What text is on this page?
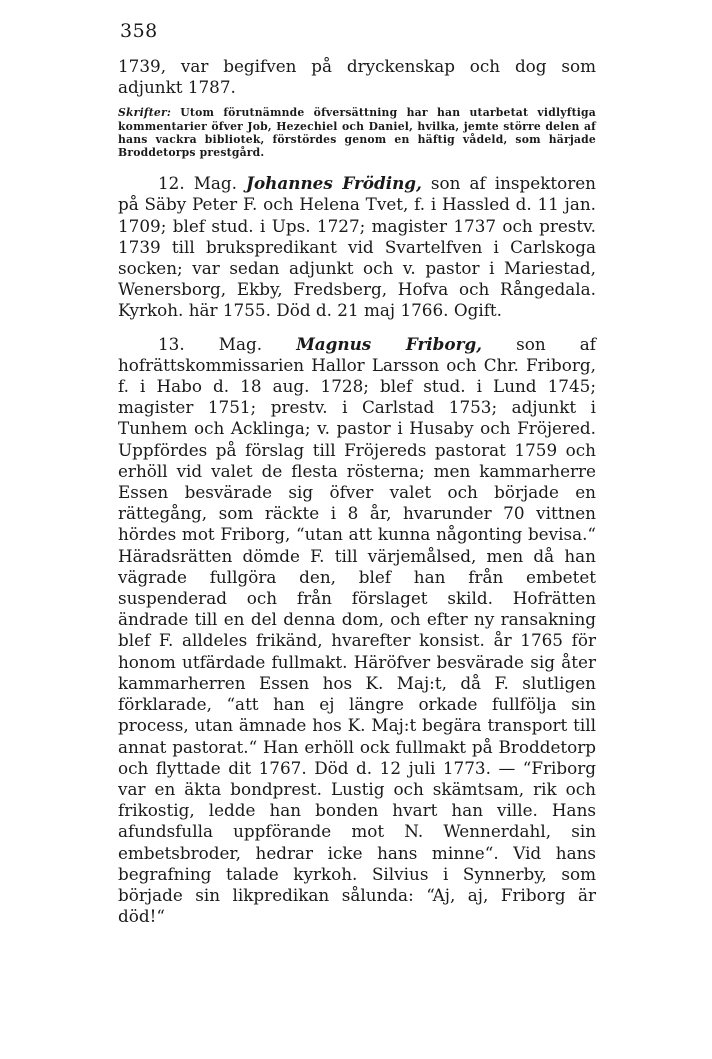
358

1739, var begifven på dryckenskap och dog som adjunkt 1787.

Skrifter: Utom förutnämnde öfversättning har han utarbetat vidlyftiga kommentarier öfver Job, Hezechiel och Daniel, hvilka, jemte större delen af hans vackra bibliotek, förstördes genom en häftig vådeld, som härjade Broddetorps prestgård.

12. Mag. Johannes Fröding, son af inspektoren på Säby Peter F. och Helena Tvet, f. i Hassled d. 11 jan. 1709; blef stud. i Ups. 1727; magister 1737 och prestv. 1739 till brukspredikant vid Svartelfven i Carlskoga socken; var sedan adjunkt och v. pastor i Mariestad, Wenersborg, Ekby, Fredsberg, Hofva och Rångedala. Kyrkoh. här 1755. Död d. 21 maj 1766. Ogift.

13. Mag. Magnus Friborg, son af hofrättskommissarien Hallor Larsson och Chr. Friborg, f. i Habo d. 18 aug. 1728; blef stud. i Lund 1745; magister 1751; prestv. i Carlstad 1753; adjunkt i Tunhem och Acklinga; v. pastor i Husaby och Fröjered. Uppfördes på förslag till Fröjereds pastorat 1759 och erhöll vid valet de flesta rösterna; men kammarherre Essen besvärade sig öfver valet och började en rättegång, som räckte i 8 år, hvarunder 70 vittnen hördes mot Friborg, “utan att kunna någonting bevisa.“ Häradsrätten dömde F. till värjemålsed, men då han vägrade fullgöra den, blef han från embetet suspenderad och från förslaget skild. Hofrätten ändrade till en del denna dom, och efter ny ransakning blef F. alldeles frikänd, hvarefter konsist. år 1765 för honom utfärdade fullmakt. Häröfver besvärade sig åter kammarherren Essen hos K. Maj:t, då F. slutligen förklarade, “att han ej längre orkade fullfölja sin process, utan ämnade hos K. Maj:t begära transport till annat pastorat.“ Han erhöll ock fullmakt på Broddetorp och flyttade dit 1767. Död d. 12 juli 1773. — “Friborg var en äkta bondprest. Lustig och skämtsam, rik och frikostig, ledde han bonden hvart han ville. Hans afundsfulla uppförande mot N. Wennerdahl, sin embetsbroder, hedrar icke hans minne“. Vid hans begrafning talade kyrkoh. Silvius i Synnerby, som började sin likpredikan sålunda: “Aj, aj, Friborg är död!“
